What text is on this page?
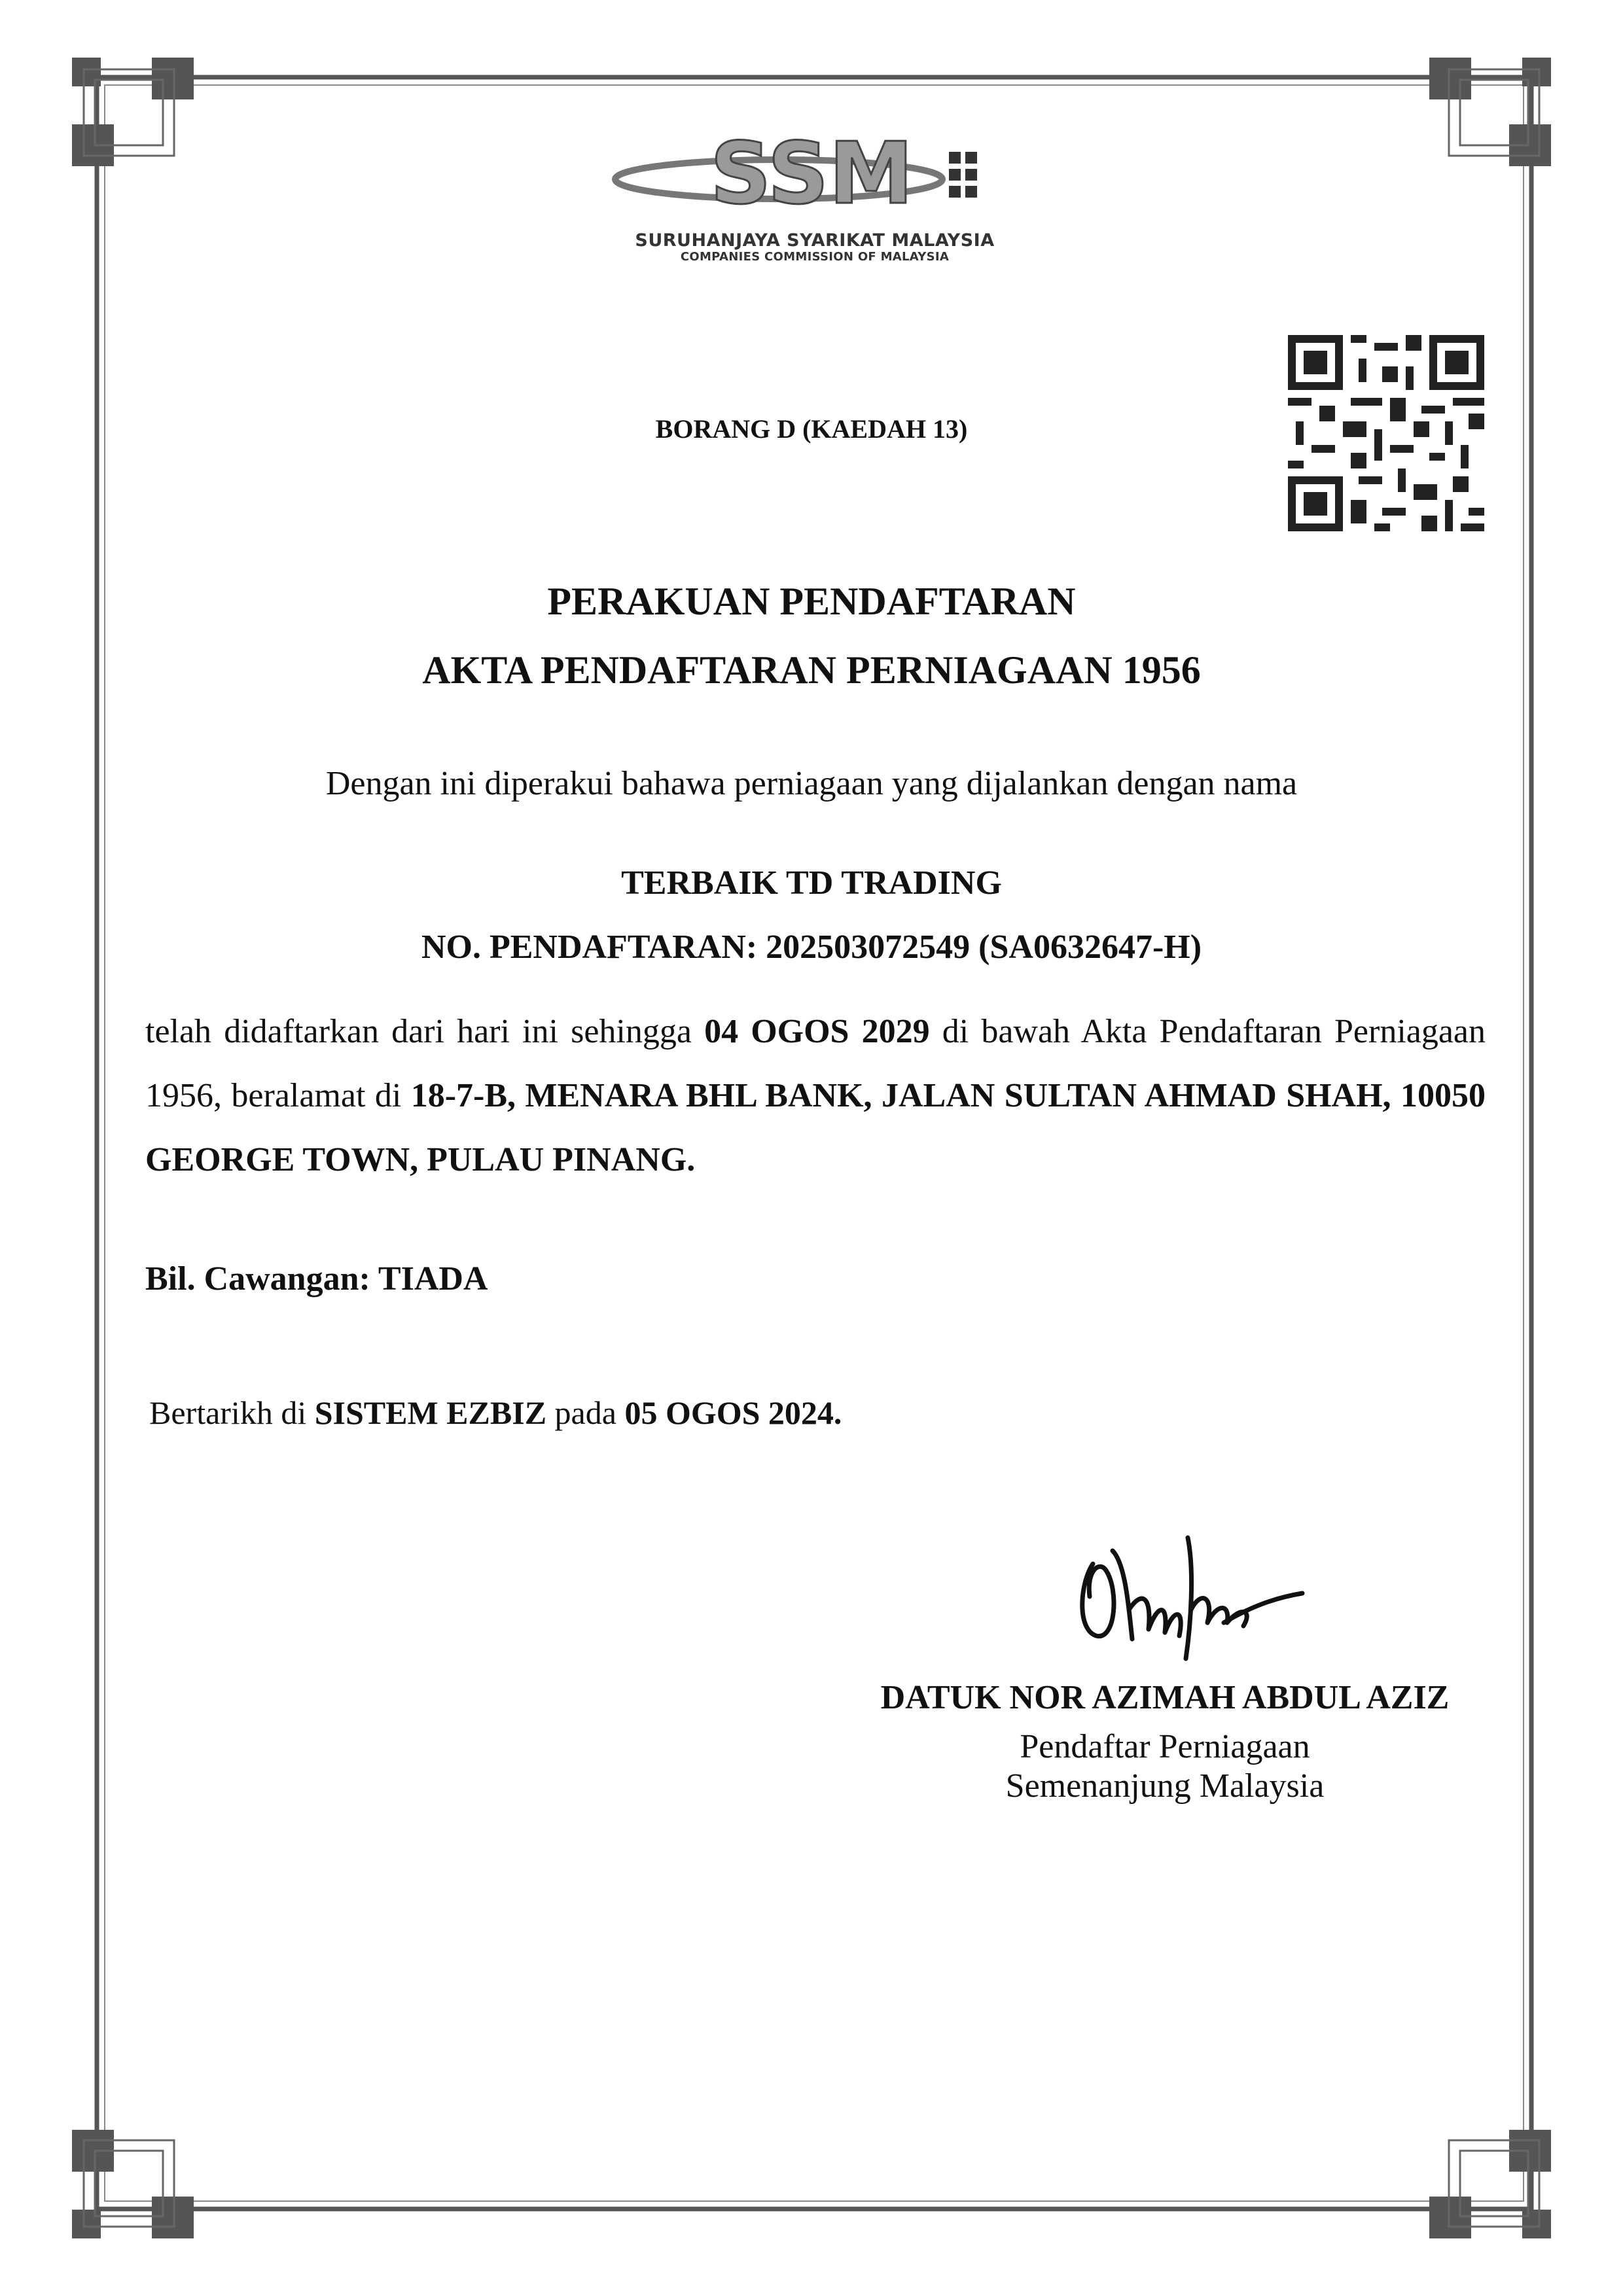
SSM
SURUHANJAYA SYARIKAT MALAYSIA
COMPANIES COMMISSION OF MALAYSIA
BORANG D (KAEDAH 13)
PERAKUAN PENDAFTARAN
AKTA PENDAFTARAN PERNIAGAAN 1956
Dengan ini diperakui bahawa perniagaan yang dijalankan dengan nama
TERBAIK TD TRADING
NO. PENDAFTARAN: 202503072549 (SA0632647-H)
telah didaftarkan dari hari ini sehingga 04 OGOS 2029 di bawah Akta Pendaftaran Perniagaan 1956, beralamat di 18-7-B, MENARA BHL BANK, JALAN SULTAN AHMAD SHAH, 10050 GEORGE TOWN, PULAU PINANG.
Bil. Cawangan: TIADA
Bertarikh di SISTEM EZBIZ pada 05 OGOS 2024.
DATUK NOR AZIMAH ABDUL AZIZ
Pendaftar Perniagaan
Semenanjung Malaysia
